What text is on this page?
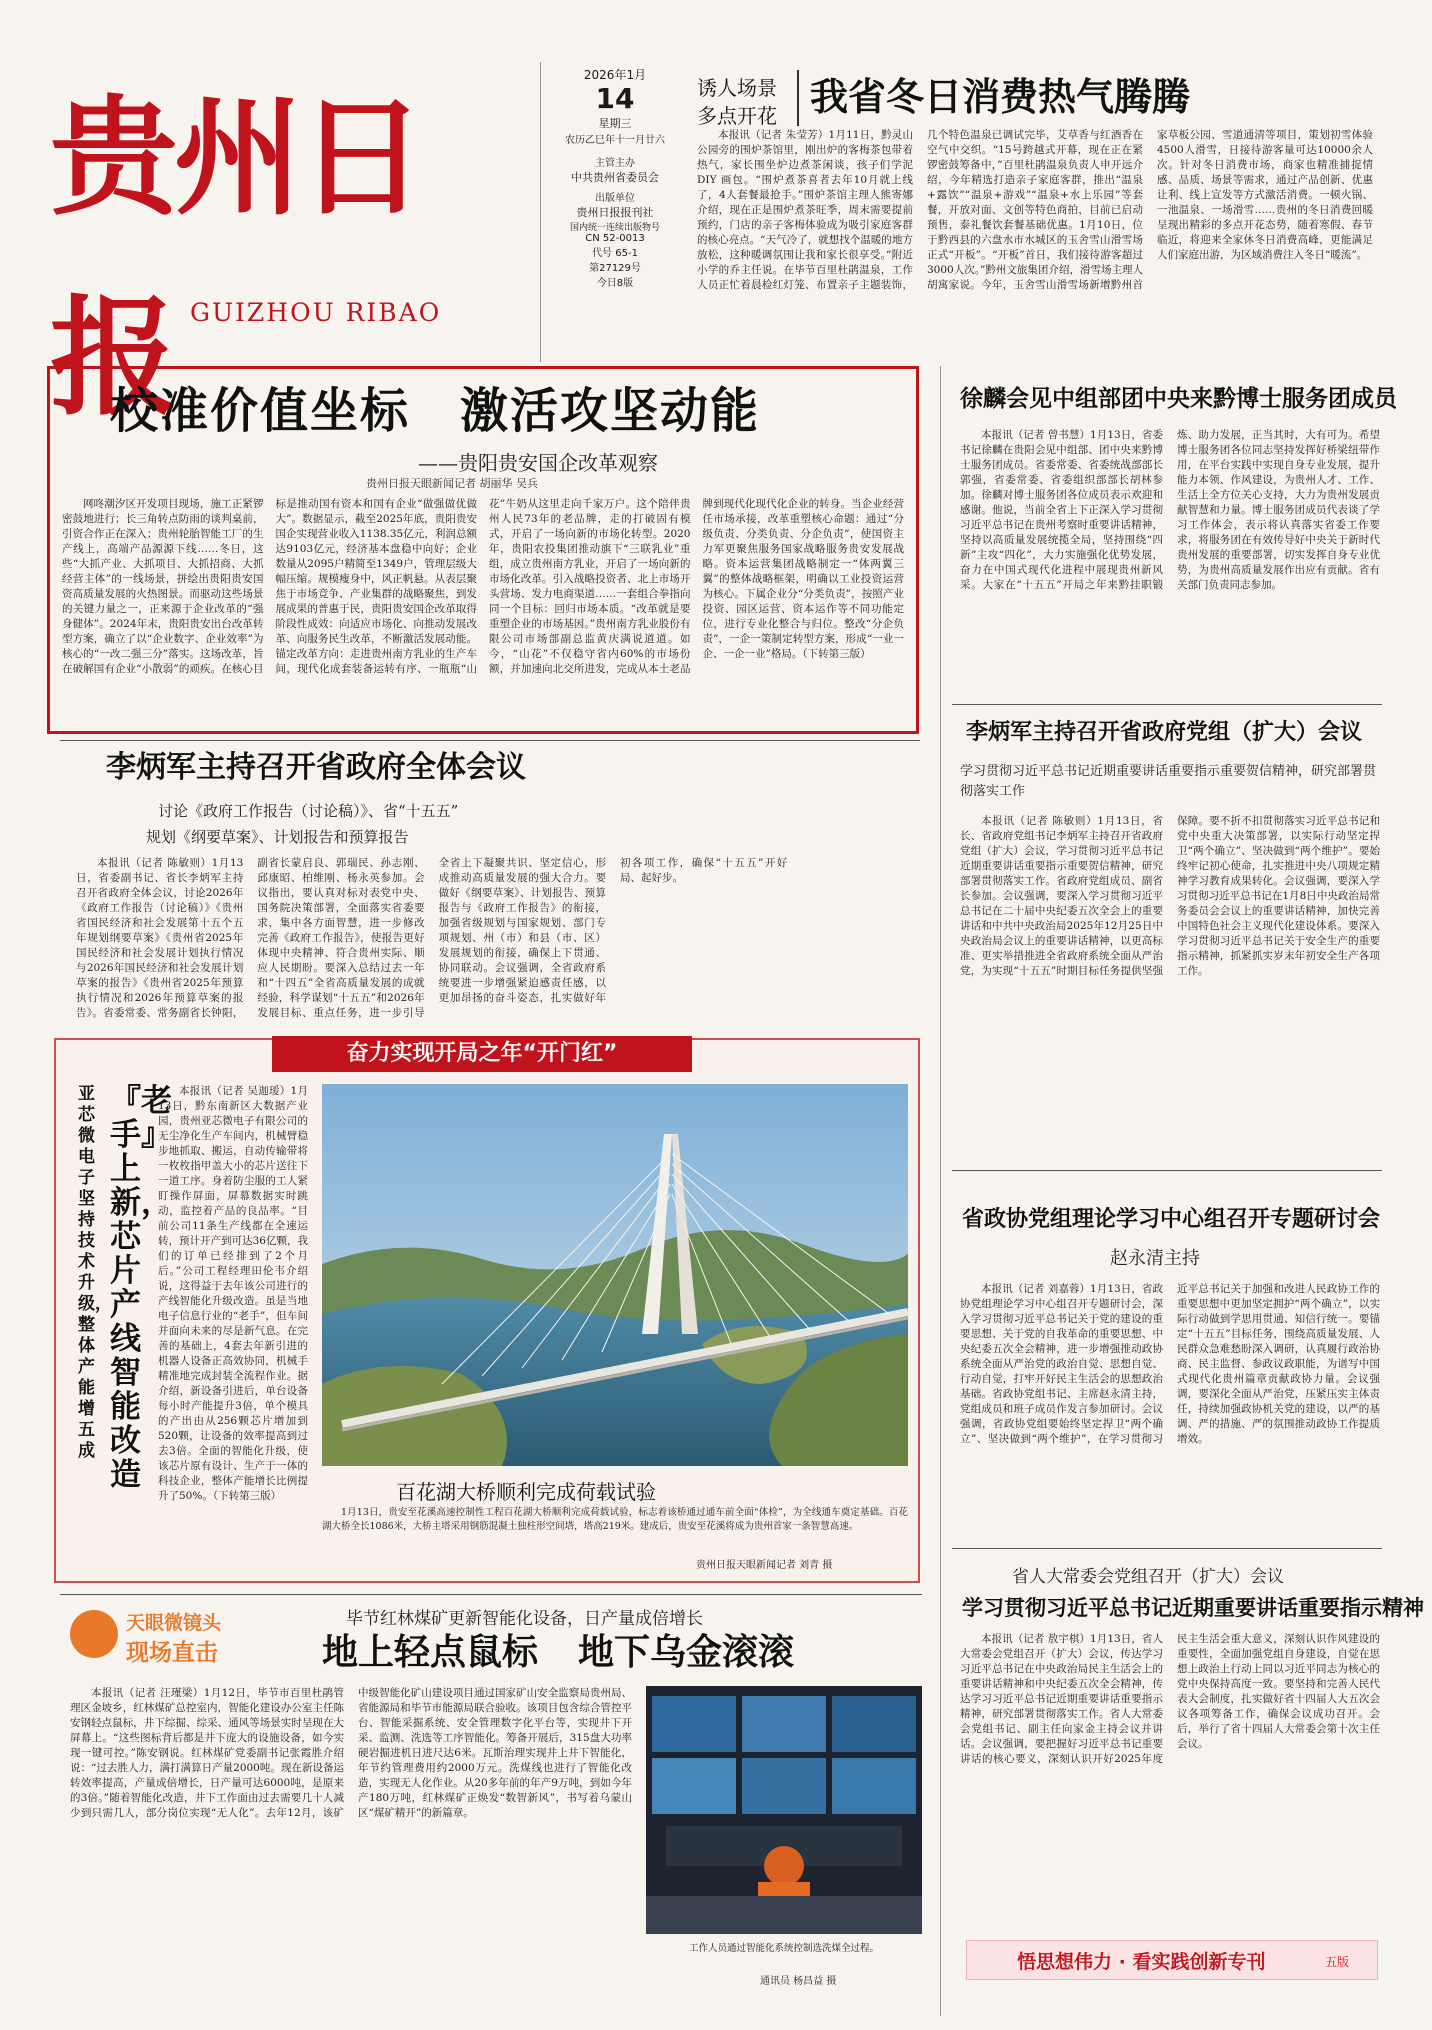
贵州日报 GUIZHOU RIBAO
2026年1月
14
星期三
农历乙巳年十一月廿六
主管主办
中共贵州省委员会
出版单位
贵州日报报刊社
国内统一连续出版物号
CN 52-0013
代号 65-1
第27129号
今日8版
诱人场景
多点开花 我省冬日消费热气腾腾
本报讯（记者 朱莹芳）1月11日，黔灵山公园旁的围炉茶馆里，刚出炉的客梅茶包带着热气，家长围坐炉边煮茶闲谈，孩子们学泥 DIY 画包。“围炉煮茶喜者去年10月就上线了，4人套餐最抢手。”围炉茶馆主理人熊寄娜介绍，现在正是围炉煮茶旺季，周末需要提前预约，门店的亲子客梅体验成为吸引家庭客群的核心亮点。“天气冷了，就想找个温暖的地方放松，这种暖调氛围让我和家长很享受。”附近小学的乔主任说。在毕节百里杜鹃温泉，工作人员正忙着晨检红灯笼、布置亲子主题装饰，几个特色温泉已调试完毕，艾草香与红酒香在空气中交织。“15号跨越式开幕，现在正在紧锣密鼓筹备中，”百里杜鹃温泉负责人申开远介绍，今年精选打造亲子家庭客群，推出“温泉+露饮”“温泉+游戏”“温泉+水上乐园”等套餐，开放对面、文创等特色商拍，目前已启动预售，泰礼餐饮套餐基础优惠。1月10日，位于黔西县的六盘水市水城区的玉舍雪山滑雪场正式“开板”。“开板”首日，我们接待游客超过3000人次。”黔州文旅集团介绍，滑雪场主理人胡寓家说。今年，玉舍雪山滑雪场新增黔州首家草板公园、雪道通清等项目，策划初雪体验4500人滑雪，日接待游客量可达10000余人次。针对冬日消费市场，商家也精准捕捉情感、品质、场景等需求，通过产品创新、优惠让利、线上宣发等方式激活消费。一顿火锅、一池温泉、一场滑雪……贵州的冬日消费回暖呈现出精彩的多点开花态势，随着寒假、春节临近，将迎来全家休冬日消费高峰，更能满足人们家庭出游，为区域消费注入冬日“暖流”。
校准价值坐标 激活攻坚动能
——贵阳贵安国企改革观察
贵州日报天眼新闻记者 胡丽华 吴兵
网咚潮汐区开发项目现场，施工正紧锣密鼓地进行；长三角转点防雨的谈判桌前，引资合作正在深入；贵州轮胎智能工厂的生产线上，高端产品源源下线……冬日，这些“大抓产业、大抓项目、大抓招商、大抓经营主体”的一线场景，拼绘出贵阳贵安国资高质量发展的火热图景。而驱动这些场景的关键力量之一，正来源于企业改革的“强身健体”。2024年末，贵阳贵安出台改革转型方案，确立了以“企业数字、企业效率”为核心的“一改二强三分”落实。这场改革，旨在破解国有企业“小散弱”的顽疾。在核心目标是推动国有资本和国有企业“做强做优做大”。数据显示，截至2025年底，贵阳贵安国企实现营业收入1138.35亿元，利润总额达9103亿元，经济基本盘稳中向好；企业数量从2095户精简至1349户，管理层级大幅压缩。规模瘦身中，风正帆悬。从表层聚焦于市场竞争、产业集群的战略聚焦，到发展成果的普惠于民，贵阳贵安国企改革取得阶段性成效：向适应市场化、向推动发展改革、向服务民生改革，不断激活发展动能。锚定改革方向：走进贵州南方乳业的生产车间，现代化成套装备运转有序、一瓶瓶“山花”牛奶从这里走向千家万户。这个陪伴贵州人民73年的老品牌，走的打破固有模式，开启了一场向新的市场化转型。2020年，贵阳农投集团推动旗下“三联乳业”重组，成立贵州南方乳业，开启了一场向新的市场化改革。引入战略投资者、北上市场开头营场、发力电商渠道……一套组合拳指向同一个目标：回归市场本质。“改革就是要重塑企业的市场基因。”贵州南方乳业股份有限公司市场部副总监黄庆满说道道。如今，“山花”不仅稳守省内60%的市场份额，并加速向北交所进发，完成从本土老品牌到现代化现代化企业的转身。当企业经营任市场承接，改革重塑核心命题：通过“分级负责、分类负责、分企负责”，使国资主力军更聚焦服务国家战略服务贵安发展战略。资本运营集团战略制定一“体两翼三翼”的整体战略框架，明确以工业投资运营为核心。下属企业分“分类负责”，按照产业投资、园区运营、资本运作等不同功能定位，进行专业化整合与归位。整改“分企负责”，一企一策制定转型方案，形成“一业一企、一企一业”格局。（下转第三版）
徐麟会见中组部团中央来黔博士服务团成员
本报讯（记者 曾书慧）1月13日，省委书记徐麟在贵阳会见中组部、团中央来黔博士服务团成员。省委常委、省委统战部部长郭强，省委常委、省委组织部部长胡林参加。徐麟对博士服务团各位成员表示欢迎和感谢。他说，当前全省上下正深入学习贯彻习近平总书记在贵州考察时重要讲话精神，坚持以高质量发展统揽全局，坚持围绕“四新”主攻“四化”，大力实施强化优势发展，奋力在中国式现代化进程中展现贵州新风采。大家在“十五五”开局之年来黔挂职锻炼、助力发展，正当其时，大有可为。希望博士服务团各位同志坚持发挥好桥梁纽带作用，在平台实践中实现自身专业发展，提升能力本领、作风建设，为贵州人才、工作、生活上全方位关心支持，大力为贵州发展贡献智慧和力量。博士服务团成员代表谈了学习工作体会，表示将认真落实省委工作要求，将服务团在有效传导好中央关于新时代贵州发展的重要部署，切实发挥自身专业优势，为贵州高质量发展作出应有贡献。省有关部门负责同志参加。
李炳军主持召开省政府党组（扩大）会议
学习贯彻习近平总书记近期重要讲话重要指示重要贺信精神，研究部署贯彻落实工作
本报讯（记者 陈敏则）1月13日，省长、省政府党组书记李炳军主持召开省政府党组（扩大）会议，学习贯彻习近平总书记近期重要讲话重要指示重要贺信精神，研究部署贯彻落实工作。省政府党组成员、副省长参加。会议强调，要深入学习贯彻习近平总书记在二十届中央纪委五次全会上的重要讲话和中共中央政治局2025年12月25日中央政治局会议上的重要讲话精神，以更高标准、更实举措推进全省政府系统全面从严治党，为实现“十五五”时期目标任务提供坚强保障。要不折不扣贯彻落实习近平总书记和党中央重大决策部署，以实际行动坚定捍卫“两个确立”、坚决做到“两个维护”。要始终牢记初心使命，扎实推进中央八项规定精神学习教育成果转化。会议强调，要深入学习贯彻习近平总书记在1月8日中央政治局常务委员会会议上的重要讲话精神，加快完善中国特色社会主义现代化建设体系。要深入学习贯彻习近平总书记关于安全生产的重要指示精神，抓紧抓实岁末年初安全生产各项工作。
李炳军主持召开省政府全体会议
讨论《政府工作报告（讨论稿）》、省“十五五”
规划《纲要草案》、计划报告和预算报告
本报讯（记者 陈敏则）1月13日，省委副书记、省长李炳军主持召开省政府全体会议，讨论2026年《政府工作报告（讨论稿）》《贵州省国民经济和社会发展第十五个五年规划纲要草案》《贵州省2025年国民经济和社会发展计划执行情况与2026年国民经济和社会发展计划草案的报告》《贵州省2025年预算执行情况和2026年预算草案的报告》。省委常委、常务副省长钟阳，副省长蒙启良、郭瑞民、孙志刚、邱康昭、柏维刚、杨永英参加。会议指出，要认真对标对表党中央、国务院决策部署，全面落实省委要求，集中各方面智慧，进一步修改完善《政府工作报告》，使报告更好体现中央精神、符合贵州实际、顺应人民期盼。要深入总结过去一年和“十四五”全省高质量发展的成就经验，科学谋划“十五五”和2026年发展目标、重点任务，进一步引导全省上下凝聚共识、坚定信心，形成推动高质量发展的强大合力。要做好《纲要草案》、计划报告、预算报告与《政府工作报告》的衔接，加强省级规划与国家规划、部门专项规划、州（市）和县（市、区）发展规划的衔接，确保上下贯通、协同联动。会议强调，全省政府系统要进一步增强紧迫感责任感，以更加昂扬的奋斗姿态，扎实做好年初各项工作，确保“十五五”开好局、起好步。
奋力实现开局之年“开门红”
亚芯微电子坚持技术升级，整体产能增五成
『老手』上新，芯片产线智能改造
本报讯（记者 吴迦瑷）1月13日，黔东南新区大数据产业园，贵州亚芯微电子有限公司的无尘净化生产车间内，机械臂稳步地抓取、搬运，自动传输带将一枚枚指甲盖大小的芯片送往下一道工序。身着防尘服的工人紧盯操作屏面，屏幕数据实时跳动，监控着产品的良品率。“目前公司11条生产线都在全速运转，预计开产到可达36亿颗，我们的订单已经排到了2个月后。”公司工程经理田伦韦介绍说，这得益于去年该公司进行的产线智能化升级改造。虽是当地电子信息行业的“老手”，但车间并面向未来的尽是新气息。在完善的基础上，4套去年新引进的机器人设备正高效协同，机械手精准地完成封装全流程作业。据介绍，新设备引进后，单台设备每小时产能提升3倍，单个模具的产出由从256颗芯片增加到520颗，让设备的效率提高到过去3倍。全面的智能化升级，使该芯片原有设计、生产于一体的科技企业，整体产能增长比例提升了50%。（下转第三版）	百花湖大桥顺利完成荷载试验
1月13日，贵安至花溪高速控制性工程百花湖大桥顺利完成荷载试验，标志着该桥通过通车前全面“体检”，为全线通车奠定基础。百花湖大桥全长1086米，大桥主塔采用钢筋混凝土独柱形空间塔，塔高219米。建成后，贵安至花溪将成为贵州首家一条智慧高速。
贵州日报天眼新闻记者 刘青 摄
省政协党组理论学习中心组召开专题研讨会
赵永清主持
本报讯（记者 刘嘉蓉）1月13日，省政协党组理论学习中心组召开专题研讨会，深入学习贯彻习近平总书记关于党的建设的重要思想、关于党的自我革命的重要思想、中央纪委五次全会精神，进一步增强推动政协系统全面从严治党的政治自觉、思想自觉、行动自觉，打牢开好民主生活会的思想政治基础。省政协党组书记、主席赵永清主持，党组成员和班子成员作发言参加研讨。会议强调，省政协党组要始终坚定捍卫“两个确立”、坚决做到“两个维护”，在学习贯彻习近平总书记关于加强和改进人民政协工作的重要思想中更加坚定拥护“两个确立”，以实际行动做到学思用贯通、知信行统一。要锚定“十五五”目标任务，围绕高质量发展、人民群众急难愁盼深入调研，认真履行政治协商、民主监督、参政议政职能，为谱写中国式现代化贵州篇章贡献政协力量。会议强调，要深化全面从严治党，压紧压实主体责任，持续加强政协机关党的建设，以严的基调、严的措施、严的氛围推动政协工作提质增效。
省人大常委会党组召开（扩大）会议
学习贯彻习近平总书记近期重要讲话重要指示精神
本报讯（记者 敖宇棋）1月13日，省人大常委会党组召开（扩大）会议，传达学习习近平总书记在中央政治局民主生活会上的重要讲话精神和中央纪委五次全会精神，传达学习习近平总书记近期重要讲话重要指示精神，研究部署贯彻落实工作。省人大常委会党组书记、副主任向家金主持会议并讲话。会议强调，要把握好习近平总书记重要讲话的核心要义，深刻认识开好2025年度民主生活会重大意义，深刻认识作风建设的重要性，全面加强党组自身建设，自觉在思想上政治上行动上同以习近平同志为核心的党中央保持高度一致。要坚持和完善人民代表大会制度，扎实做好省十四届人大五次会议各项筹备工作，确保会议成功召开。会后，举行了省十四届人大常委会第十次主任会议。
悟思想伟力 · 看实践创新专刊	五版
天眼微镜头
现场直击
毕节红林煤矿更新智能化设备，日产量成倍增长
地上轻点鼠标 地下乌金滚滚
本报讯（记者 汪瑾梁）1月12日，毕节市百里杜鹃管理区金坡乡，红林煤矿总控室内，智能化建设办公室主任陈安钢轻点鼠标，井下综掘、综采、通风等场景实时呈现在大屏幕上。“这些图标背后都是井下庞大的设施设备，如今实现一键可控。”陈安钢说。红林煤矿党委副书记张霞胜介绍说：“过去胜人力，满打满算日产量2000吨。现在新设备运转效率提高，产量成倍增长，日产量可达6000吨，是原来的3倍。”随着智能化改造，井下工作面由过去需要几十人减少到只需几人，部分岗位实现“无人化”。去年12月，该矿中级智能化矿山建设项目通过国家矿山安全监察局贵州局、省能源局和毕节市能源局联合验收。该项目包含综合管控平台、智能采掘系统、安全管理数字化平台等，实现井下开采、监测、洗选等工序智能化。筹备开展后，315盘大功率硬岩掘进机日进尺达6米。瓦斯治理实现井上井下智能化，年节约管理费用约2000万元。洗煤线也进行了智能化改造，实现无人化作业。从20多年前的年产9万吨，到如今年产180万吨，红林煤矿正焕发“数智新风”，书写着乌蒙山区“煤矿精开”的新篇章。
工作人员通过智能化系统控制选洗煤全过程。
通讯员 杨昌益 摄
